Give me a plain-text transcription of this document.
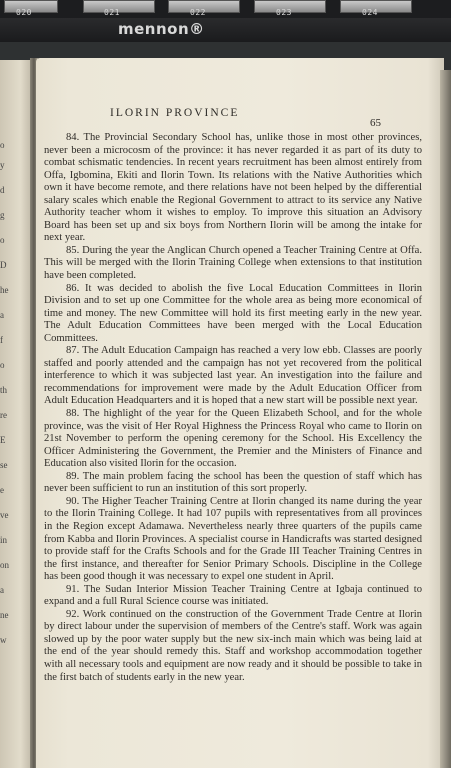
020	021	022	023	024
mennon®
o
y
d
g
o
D
he
a
f
o
th
re
E
se
e
ve
in
on
a
ne
w
ILORIN PROVINCE
65

84. The Provincial Secondary School has, unlike those in most other provinces, never been a microcosm of the province: it has never regarded it as part of its duty to combat schismatic tendencies. In recent years recruitment has been almost entirely from Offa, Igbomina, Ekiti and Ilorin Town. Its relations with the Native Authorities which own it have become remote, and there relations have not been helped by the differential salary scales which enable the Regional Government to attract to its service any Native Authority teacher whom it wishes to employ. To improve this situation an Advisory Board has been set up and six boys from Northern Ilorin will be among the intake for next year.

85. During the year the Anglican Church opened a Teacher Training Centre at Offa. This will be merged with the Ilorin Training College when extensions to that institution have been completed.

86. It was decided to abolish the five Local Education Committees in Ilorin Division and to set up one Committee for the whole area as being more economical of time and money. The new Committee will hold its first meeting early in the new year. The Adult Education Committees have been merged with the Local Education Committees.

87. The Adult Education Campaign has reached a very low ebb. Classes are poorly staffed and poorly attended and the campaign has not yet recovered from the political interference to which it was subjected last year. An investigation into the failure and recommendations for improvement were made by the Adult Education Officer from Adult Education Headquarters and it is hoped that a new start will be possible next year.

88. The highlight of the year for the Queen Elizabeth School, and for the whole province, was the visit of Her Royal Highness the Princess Royal who came to Ilorin on 21st November to perform the opening ceremony for the School. His Excellency the Officer Administering the Government, the Premier and the Ministers of Finance and Education also visited Ilorin for the occasion.

89. The main problem facing the school has been the question of staff which has never been sufficient to run an institution of this sort properly.

90. The Higher Teacher Training Centre at Ilorin changed its name during the year to the Ilorin Training College. It had 107 pupils with representatives from all provinces in the Region except Adamawa. Nevertheless nearly three quarters of the pupils came from Kabba and Ilorin Provinces. A specialist course in Handicrafts was started designed to provide staff for the Crafts Schools and for the Grade III Teacher Training Centres in the first instance, and thereafter for Senior Primary Schools. Discipline in the College has been good though it was necessary to expel one student in April.

91. The Sudan Interior Mission Teacher Training Centre at Igbaja continued to expand and a full Rural Science course was initiated.

92. Work continued on the construction of the Government Trade Centre at Ilorin by direct labour under the supervision of members of the Centre's staff. Work was again slowed up by the poor water supply but the new six-inch main which was being laid at the end of the year should remedy this. Staff and workshop accommodation together with all necessary tools and equipment are now ready and it should be possible to take in the first batch of students early in the new year.
